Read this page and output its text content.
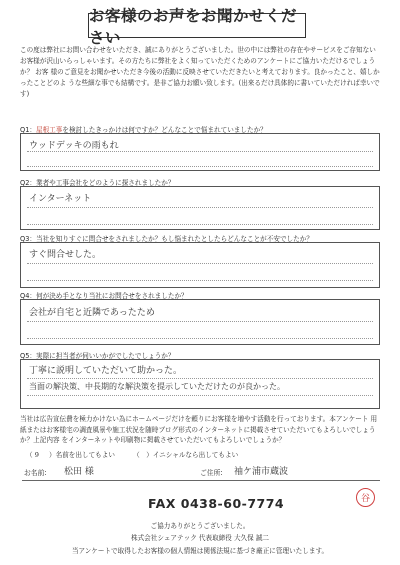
お客様のお声をお聞かせください
この度は弊社にお問い合わせをいただき、誠にありがとうございました。世の中には弊社の存在やサービスをご存知ない お客様が沢山いらっしゃいます。その方たちに弊社をよく知っていただくためのアンケートにご協力いただけるでしょうか？ お客 様のご意見をお聞かせいただき今後の活動に反映させていただきたいと考えております。良かったこと、嬉しかったことどのよ うな些細な事でも結構です。是非ご協力お願い致します。(出来るだけ具体的に書いていただければ幸いです)
Q1：屋根工事を検討したきっかけは何ですか？どんなことで悩まれていましたか？
ウッドデッキの雨もれ
Q2：業者や工事会社をどのように探されましたか？
インターネット
Q3：当社を知りすぐに問合せをされましたか？もし悩まれたとしたらどんなことが不安でしたか？
すぐ問合せした。
Q4：何が決め手となり当社にお問合せをされましたか？
会社が自宅と近隣であったため
Q5：実際に担当者が伺いいかがでしたでしょうか？
丁寧に説明していただいて助かった。
当面の解決策、中長期的な解決策を提示していただけたのが良かった。
当社は広告宣伝費を極力かけない為にホームページだけを頼りにお客様を増やす活動を行っております。本アンケート 用紙またはお客様宅の調査風景や施工状況を随時ブログ形式のインターネットに掲載させていただいてもよろしいでしょうか？上記内容 をインターネットや印刷物に掲載させていただいてもよろしいでしょうか？
（ 9 ）名前を出してもよい	（　）イニシャルなら出してもよい
お名前: 松田 様	ご住所: 袖ケ浦市蔵波
FAX 0438-60-7774	谷
ご協力ありがとうございました。
株式会社シェアテック 代表取締役 大久保 誠二
当アンケートで取得したお客様の個人情報は関係法規に基づき厳正に管理いたします。
